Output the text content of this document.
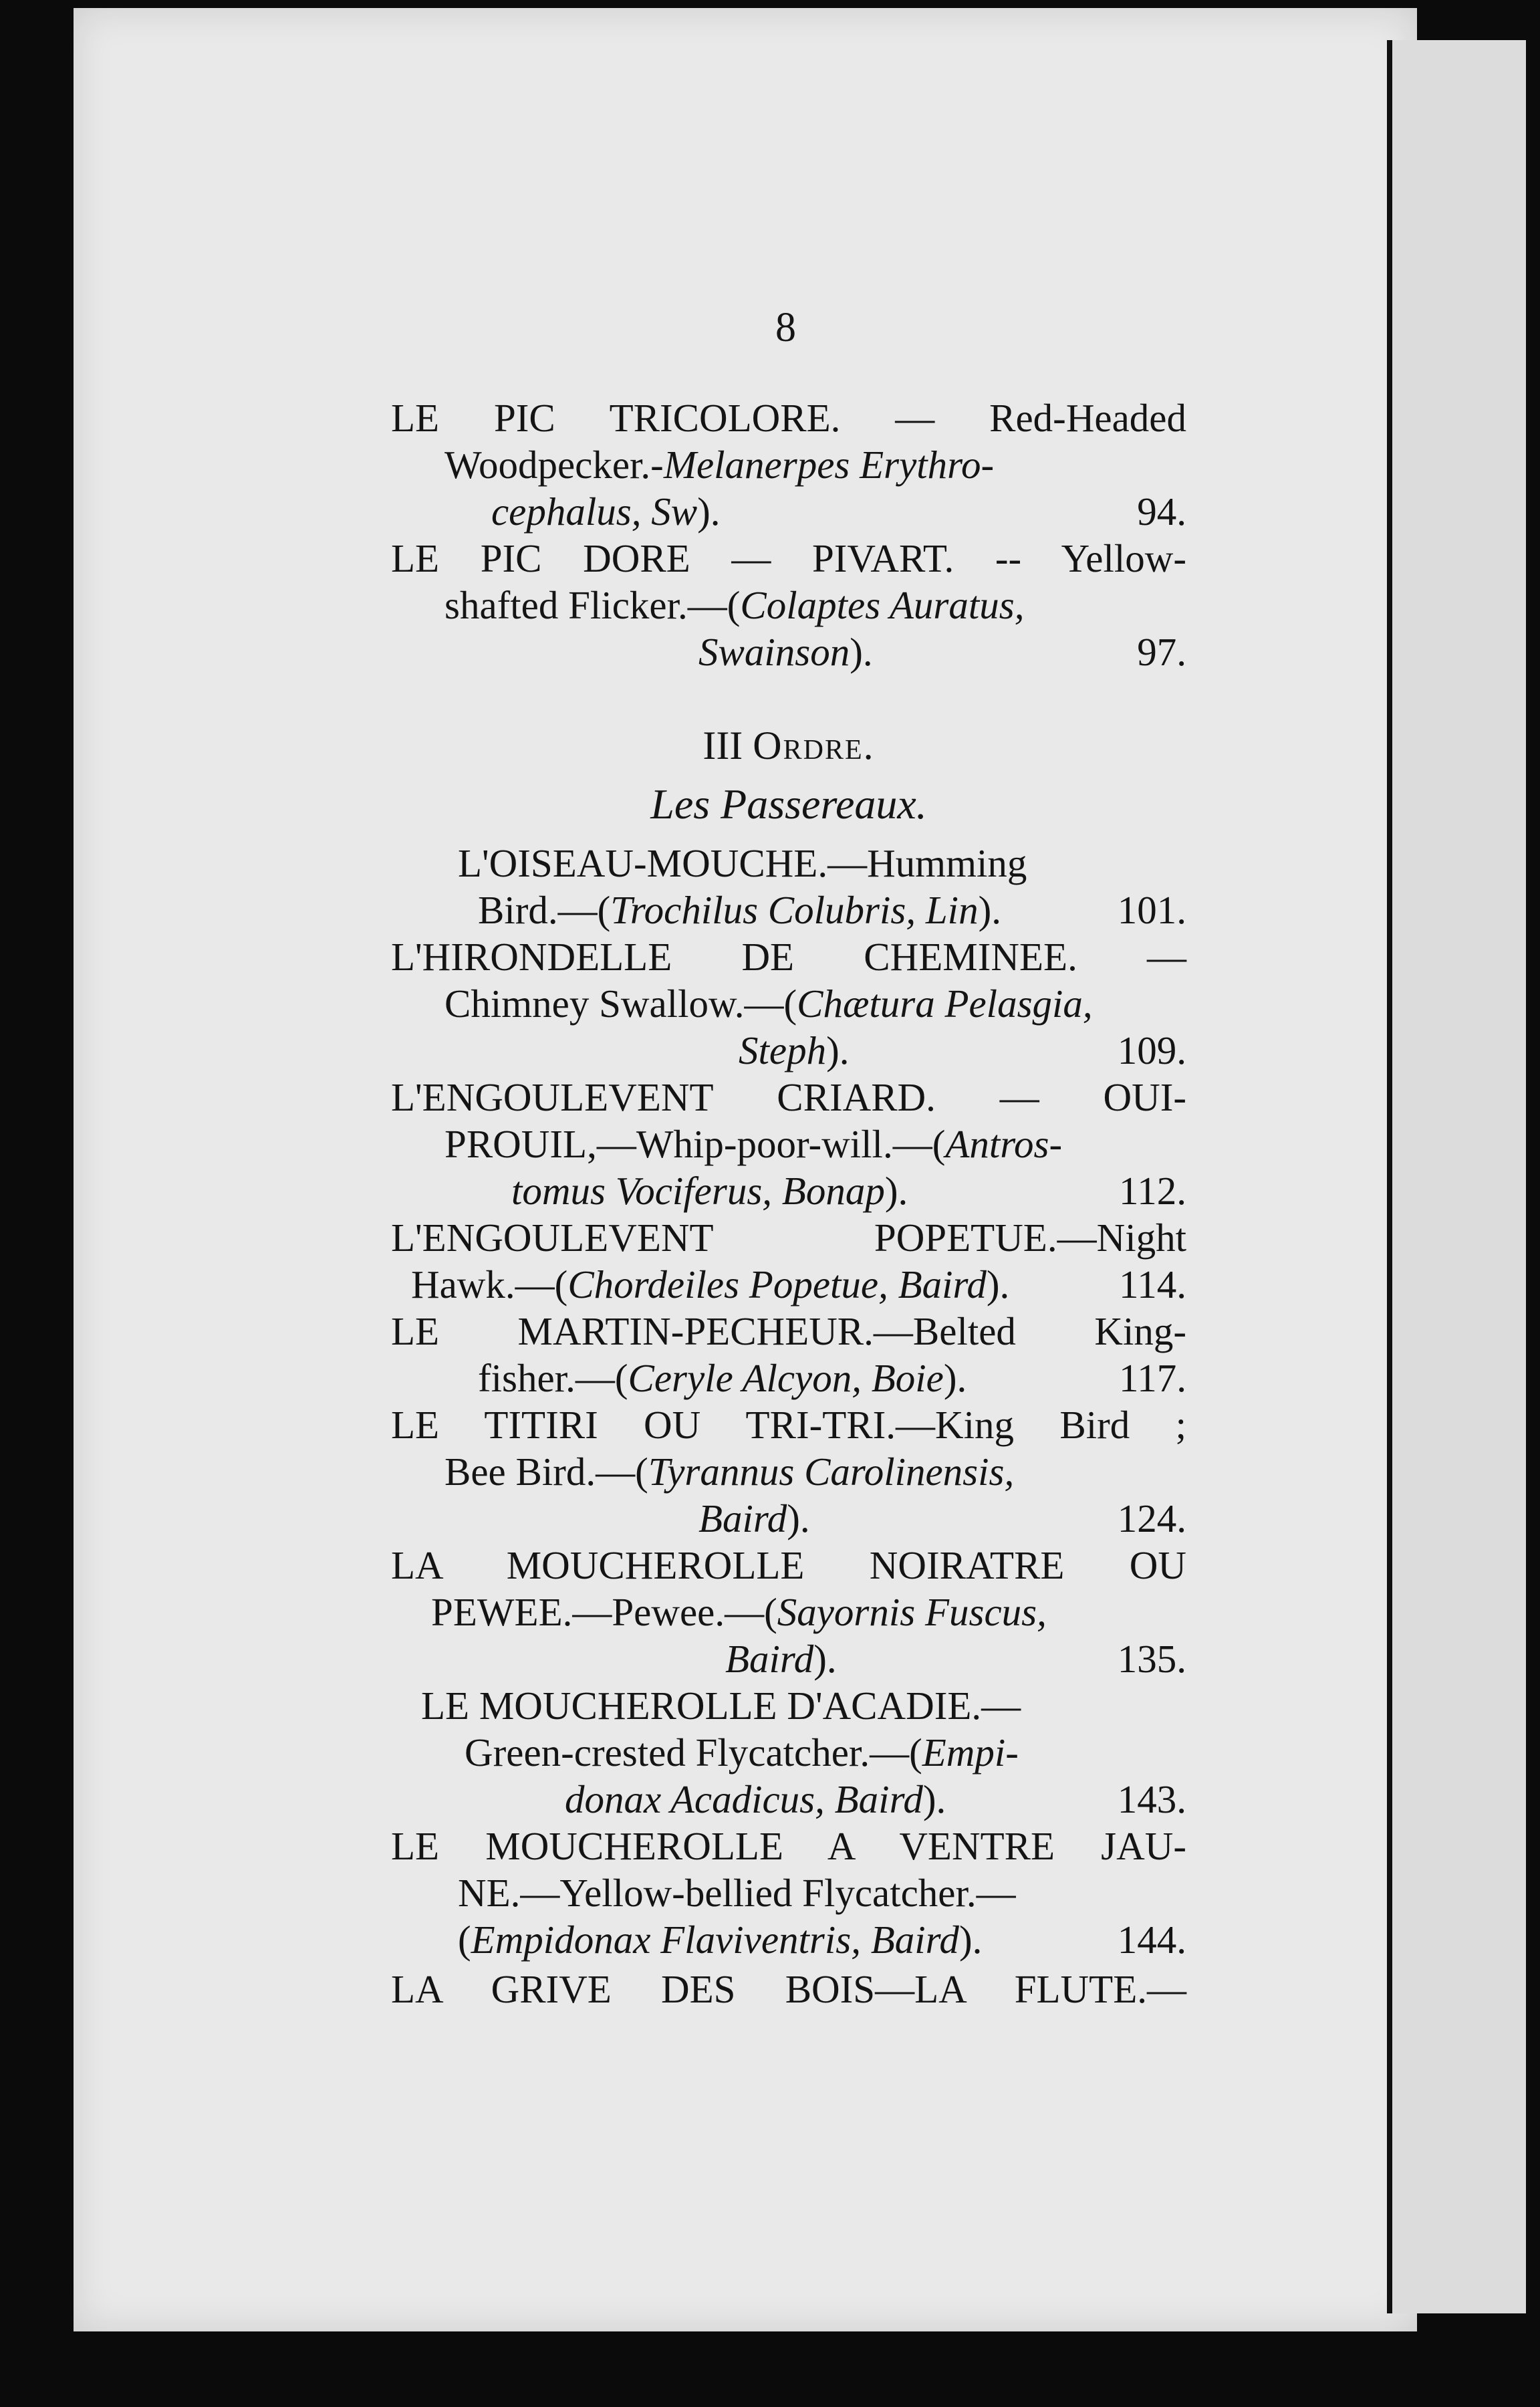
8
LE PIC TRICOLORE. — Red-Headed
Woodpecker.-Melanerpes Erythro-
cephalus, Sw).	94.
LE PIC DORE — PIVART. -- Yellow-
shafted Flicker.—(Colaptes Auratus,
Swainson).	97.
III Ordre.
Les Passereaux.
L'OISEAU-MOUCHE.—Humming
Bird.—(Trochilus Colubris, Lin).	101.
L'HIRONDELLE DE CHEMINEE. —
Chimney Swallow.—(Chætura Pelasgia,
Steph).	109.
L'ENGOULEVENT CRIARD. — OUI-
PROUIL,—Whip-poor-will.—(Antros-
tomus Vociferus, Bonap).	112.
L'ENGOULEVENT POPETUE.—Night
Hawk.—(Chordeiles Popetue, Baird).	114.
LE MARTIN-PECHEUR.—Belted King-
fisher.—(Ceryle Alcyon, Boie).	117.
LE TITIRI OU TRI-TRI.—King Bird ;
Bee Bird.—(Tyrannus Carolinensis,
Baird).	124.
LA MOUCHEROLLE NOIRATRE OU
PEWEE.—Pewee.—(Sayornis Fuscus,
Baird).	135.
LE MOUCHEROLLE D'ACADIE.—
Green-crested Flycatcher.—(Empi-
donax Acadicus, Baird).	143.
LE MOUCHEROLLE A VENTRE JAU-
NE.—Yellow-bellied Flycatcher.—
(Empidonax Flaviventris, Baird).	144.
LA GRIVE DES BOIS—LA FLUTE.—
